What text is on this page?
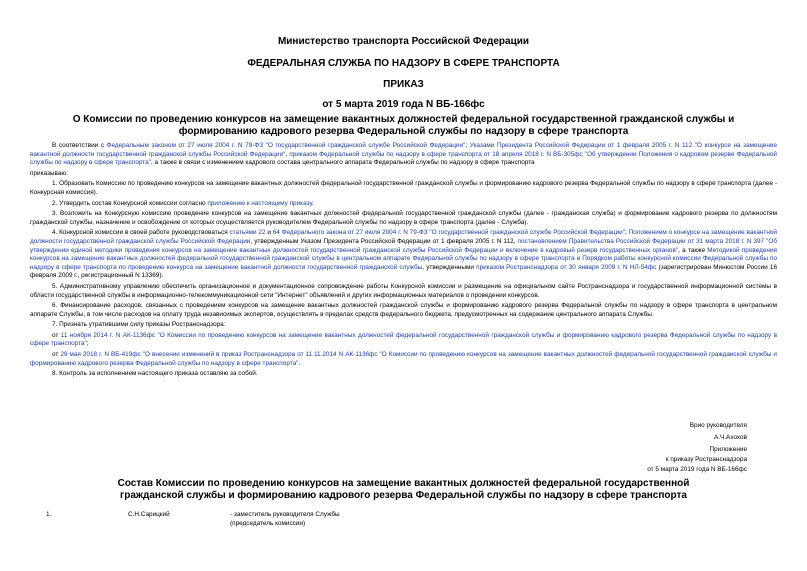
Министерство транспорта Российской Федерации
ФЕДЕРАЛЬНАЯ СЛУЖБА ПО НАДЗОРУ В СФЕРЕ ТРАНСПОРТА
ПРИКАЗ
от 5 марта 2019 года N ВБ-166фс
О Комиссии по проведению конкурсов на замещение вакантных должностей федеральной государственной гражданской службы и формированию кадрового резерва Федеральной службы по надзору в сфере транспорта

В соответствии с Федеральным законом от 27 июля 2004 г. N 79-ФЗ "О государственной гражданской службе Российской Федерации"; Указами Президента Российской Федерации от 1 февраля 2005 г. N 112 "О конкурсе на замещение вакантной должности государственной гражданской службы Российской Федерации", приказом Федеральной службы по надзору в сфере транспорта от 18 апреля 2018 г. N ВБ-305фс "Об утверждении Положения о кадровом резерве Федеральной службы по надзору в сфере транспорта", а также в связи с изменением кадрового состава центрального аппарата Федеральной службы по надзору в сфере транспорта

приказываю:

1. Образовать Комиссию по проведению конкурсов на замещение вакантных должностей федеральной государственной гражданской службы и формированию кадрового резерва Федеральной службы по надзору в сфере транспорта (далее - Конкурсная комиссия).

2. Утвердить состав Конкурсной комиссии согласно приложению к настоящему приказу.

3. Возложить на Конкурсную комиссию проведение конкурсов на замещение вакантных должностей федеральной государственной гражданской службы (далее - гражданская служба) и формирование кадрового резерва по должностям гражданской службы, назначение и освобождение от которых осуществляется руководителем Федеральной службы по надзору в сфере транспорта (далее - Служба).

4. Конкурсной комиссии в своей работе руководствоваться статьями 22 и 64 Федерального закона от 27 июля 2004 г. N 79-ФЗ "О государственной гражданской службе Российской Федерации"; Положением о конкурсе на замещение вакантной должности государственной гражданской службы Российской Федерации, утвержденным Указом Президента Российской Федерации от 1 февраля 2005 г. N 112, постановлением Правительства Российской Федерации от 31 марта 2018 г. N 397 "Об утверждении единой методики проведения конкурсов на замещение вакантных должностей государственной гражданской службы Российской Федерации и включение в кадровый резерв государственных органов", а также Методикой проведения конкурсов на замещение вакантных должностей федеральной государственной гражданской службы в центральном аппарате Федеральной службы по надзору в сфере транспорта и Порядком работы конкурсной комиссии Федеральной службы по надзору в сфере транспорта по проведению конкурса на замещение вакантной должности государственной гражданской службы, утвержденными приказом Ространснадзора от 30 января 2009 г. N НЛ-54фс (зарегистрирован Минюстом России 16 февраля 2009 г., регистрационный N 13369).

5. Административному управлению обеспечить организационное и документационное сопровождение работы Конкурсной комиссии и размещение на официальном сайте Ространснадзора и государственной информационной системы в области государственной службы в информационно-телекоммуникационной сети "Интернет" объявлений и других информационных материалов о проведении конкурсов.

6. Финансирование расходов, связанных с проведением конкурсов на замещение вакантных должностей гражданской службы и формированию кадрового резерва Федеральной службы по надзору в сфере транспорта в центральном аппарате Службы, в том числе расходов на оплату труда независимых экспертов, осуществлять в пределах средств федерального бюджета, предусмотренных на содержание центрального аппарата Службы.

7. Признать утратившими силу приказы Ространснадзора:

от 11 ноября 2014 г. N АК-1136фс "О Комиссии по проведению конкурсов на замещение вакантных должностей федеральной государственной гражданской службы и формированию кадрового резерва Федеральной службы по надзору в сфере транспорта";

от 29 мая 2018 г. N ВБ-419фс "О внесении изменений в приказ Ространснадзора от 11.11.2014 N АК-1136фс "О Комиссии по проведению конкурсов на замещение вакантных должностей федеральной государственной гражданской службы и формированию кадрового резерва Федеральной службы по надзору в сфере транспорта".

8. Контроль за исполнением настоящего приказа оставляю за собой.

Врио руководителя
А.Ч.Ахохов
Приложение
к приказу Ространснадзора
от 5 марта 2019 года N ВБ-166фс
Состав Комиссии по проведению конкурсов на замещение вакантных должностей федеральной государственной гражданской службы и формированию кадрового резерва Федеральной службы по надзору в сфере транспорта
1.	С.Н.Сарицкий	- заместитель руководителя Службы
(председатель комиссии)
